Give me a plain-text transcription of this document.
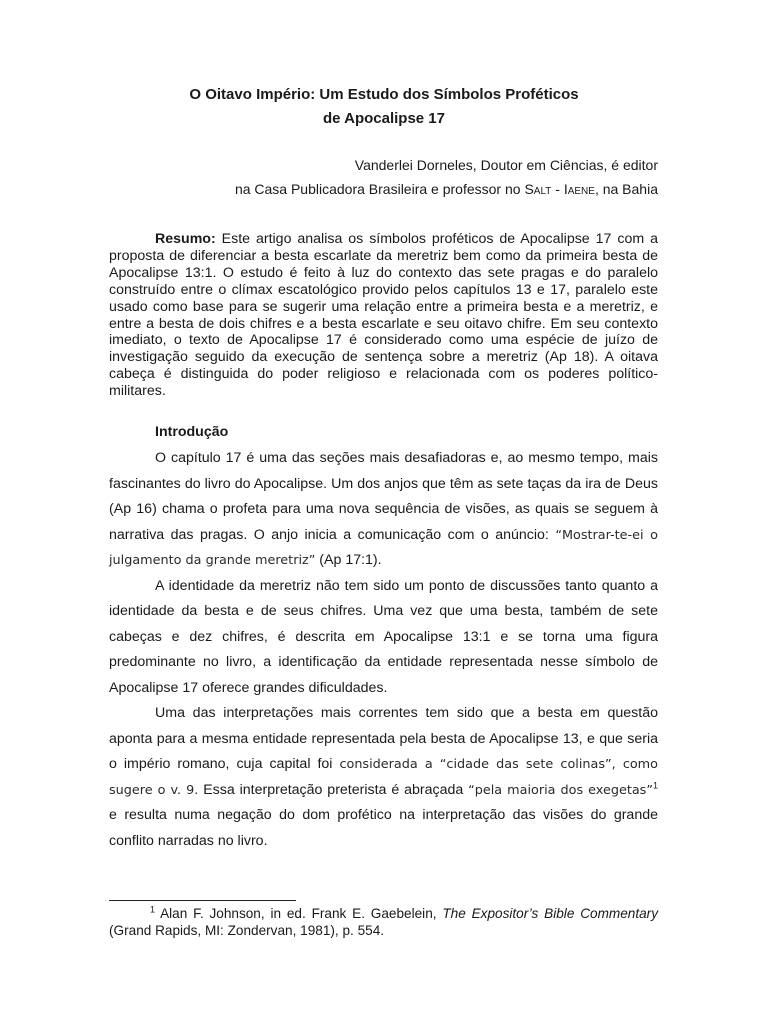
O Oitavo Império: Um Estudo dos Símbolos Proféticos
de Apocalipse 17
Vanderlei Dorneles, Doutor em Ciências, é editor
na Casa Publicadora Brasileira e professor no Salt - Iaene, na Bahia
Resumo: Este artigo analisa os símbolos proféticos de Apocalipse 17 com a proposta de diferenciar a besta escarlate da meretriz bem como da primeira besta de Apocalipse 13:1. O estudo é feito à luz do contexto das sete pragas e do paralelo construído entre o clímax escatológico provido pelos capítulos 13 e 17, paralelo este usado como base para se sugerir uma relação entre a primeira besta e a meretriz, e entre a besta de dois chifres e a besta escarlate e seu oitavo chifre. Em seu contexto imediato, o texto de Apocalipse 17 é considerado como uma espécie de juízo de investigação seguido da execução de sentença sobre a meretriz (Ap 18). A oitava cabeça é distinguida do poder religioso e relacionada com os poderes político-militares.
Introdução

O capítulo 17 é uma das seções mais desafiadoras e, ao mesmo tempo, mais fascinantes do livro do Apocalipse. Um dos anjos que têm as sete taças da ira de Deus (Ap 16) chama o profeta para uma nova sequência de visões, as quais se seguem à narrativa das pragas. O anjo inicia a comunicação com o anúncio: “Mostrar-te-ei o julgamento da grande meretriz” (Ap 17:1).

A identidade da meretriz não tem sido um ponto de discussões tanto quanto a identidade da besta e de seus chifres. Uma vez que uma besta, também de sete cabeças e dez chifres, é descrita em Apocalipse 13:1 e se torna uma figura predominante no livro, a identificação da entidade representada nesse símbolo de Apocalipse 17 oferece grandes dificuldades.

Uma das interpretações mais correntes tem sido que a besta em questão aponta para a mesma entidade representada pela besta de Apocalipse 13, e que seria o império romano, cuja capital foi considerada a “cidade das sete colinas”, como sugere o v. 9. Essa interpretação preterista é abraçada “pela maioria dos exegetas”$^1$ e resulta numa negação do dom profético na interpretação das visões do grande conflito narradas no livro.

$^1$ Alan F. Johnson, in ed. Frank E. Gaebelein, The Expositor’s Bible Commentary (Grand Rapids, MI: Zondervan, 1981), p. 554.
